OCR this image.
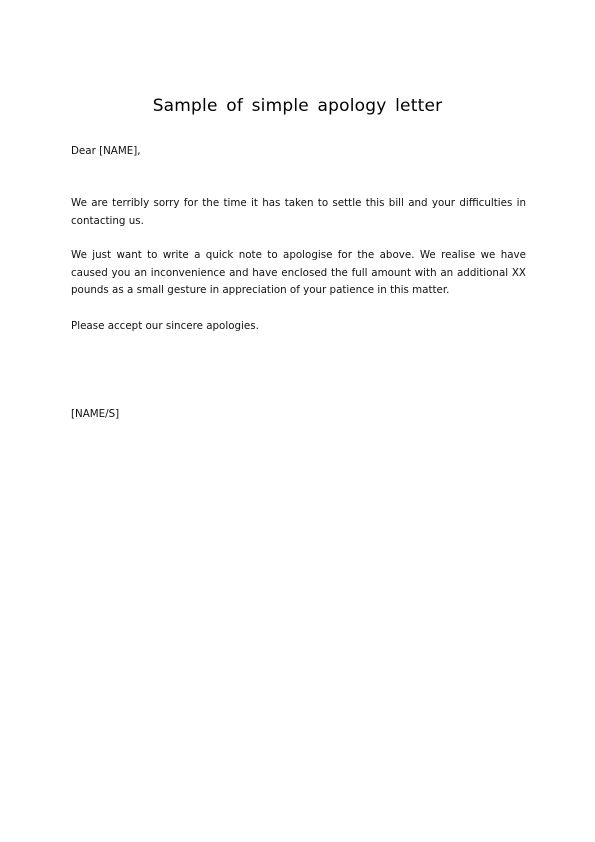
Sample of simple apology letter
Dear [NAME],
We are terribly sorry for the time it has taken to settle this bill and your difficulties in contacting us.
We just want to write a quick note to apologise for the above. We realise we have caused you an inconvenience and have enclosed the full amount with an additional XX pounds as a small gesture in appreciation of your patience in this matter.
Please accept our sincere apologies.
[NAME/S]
